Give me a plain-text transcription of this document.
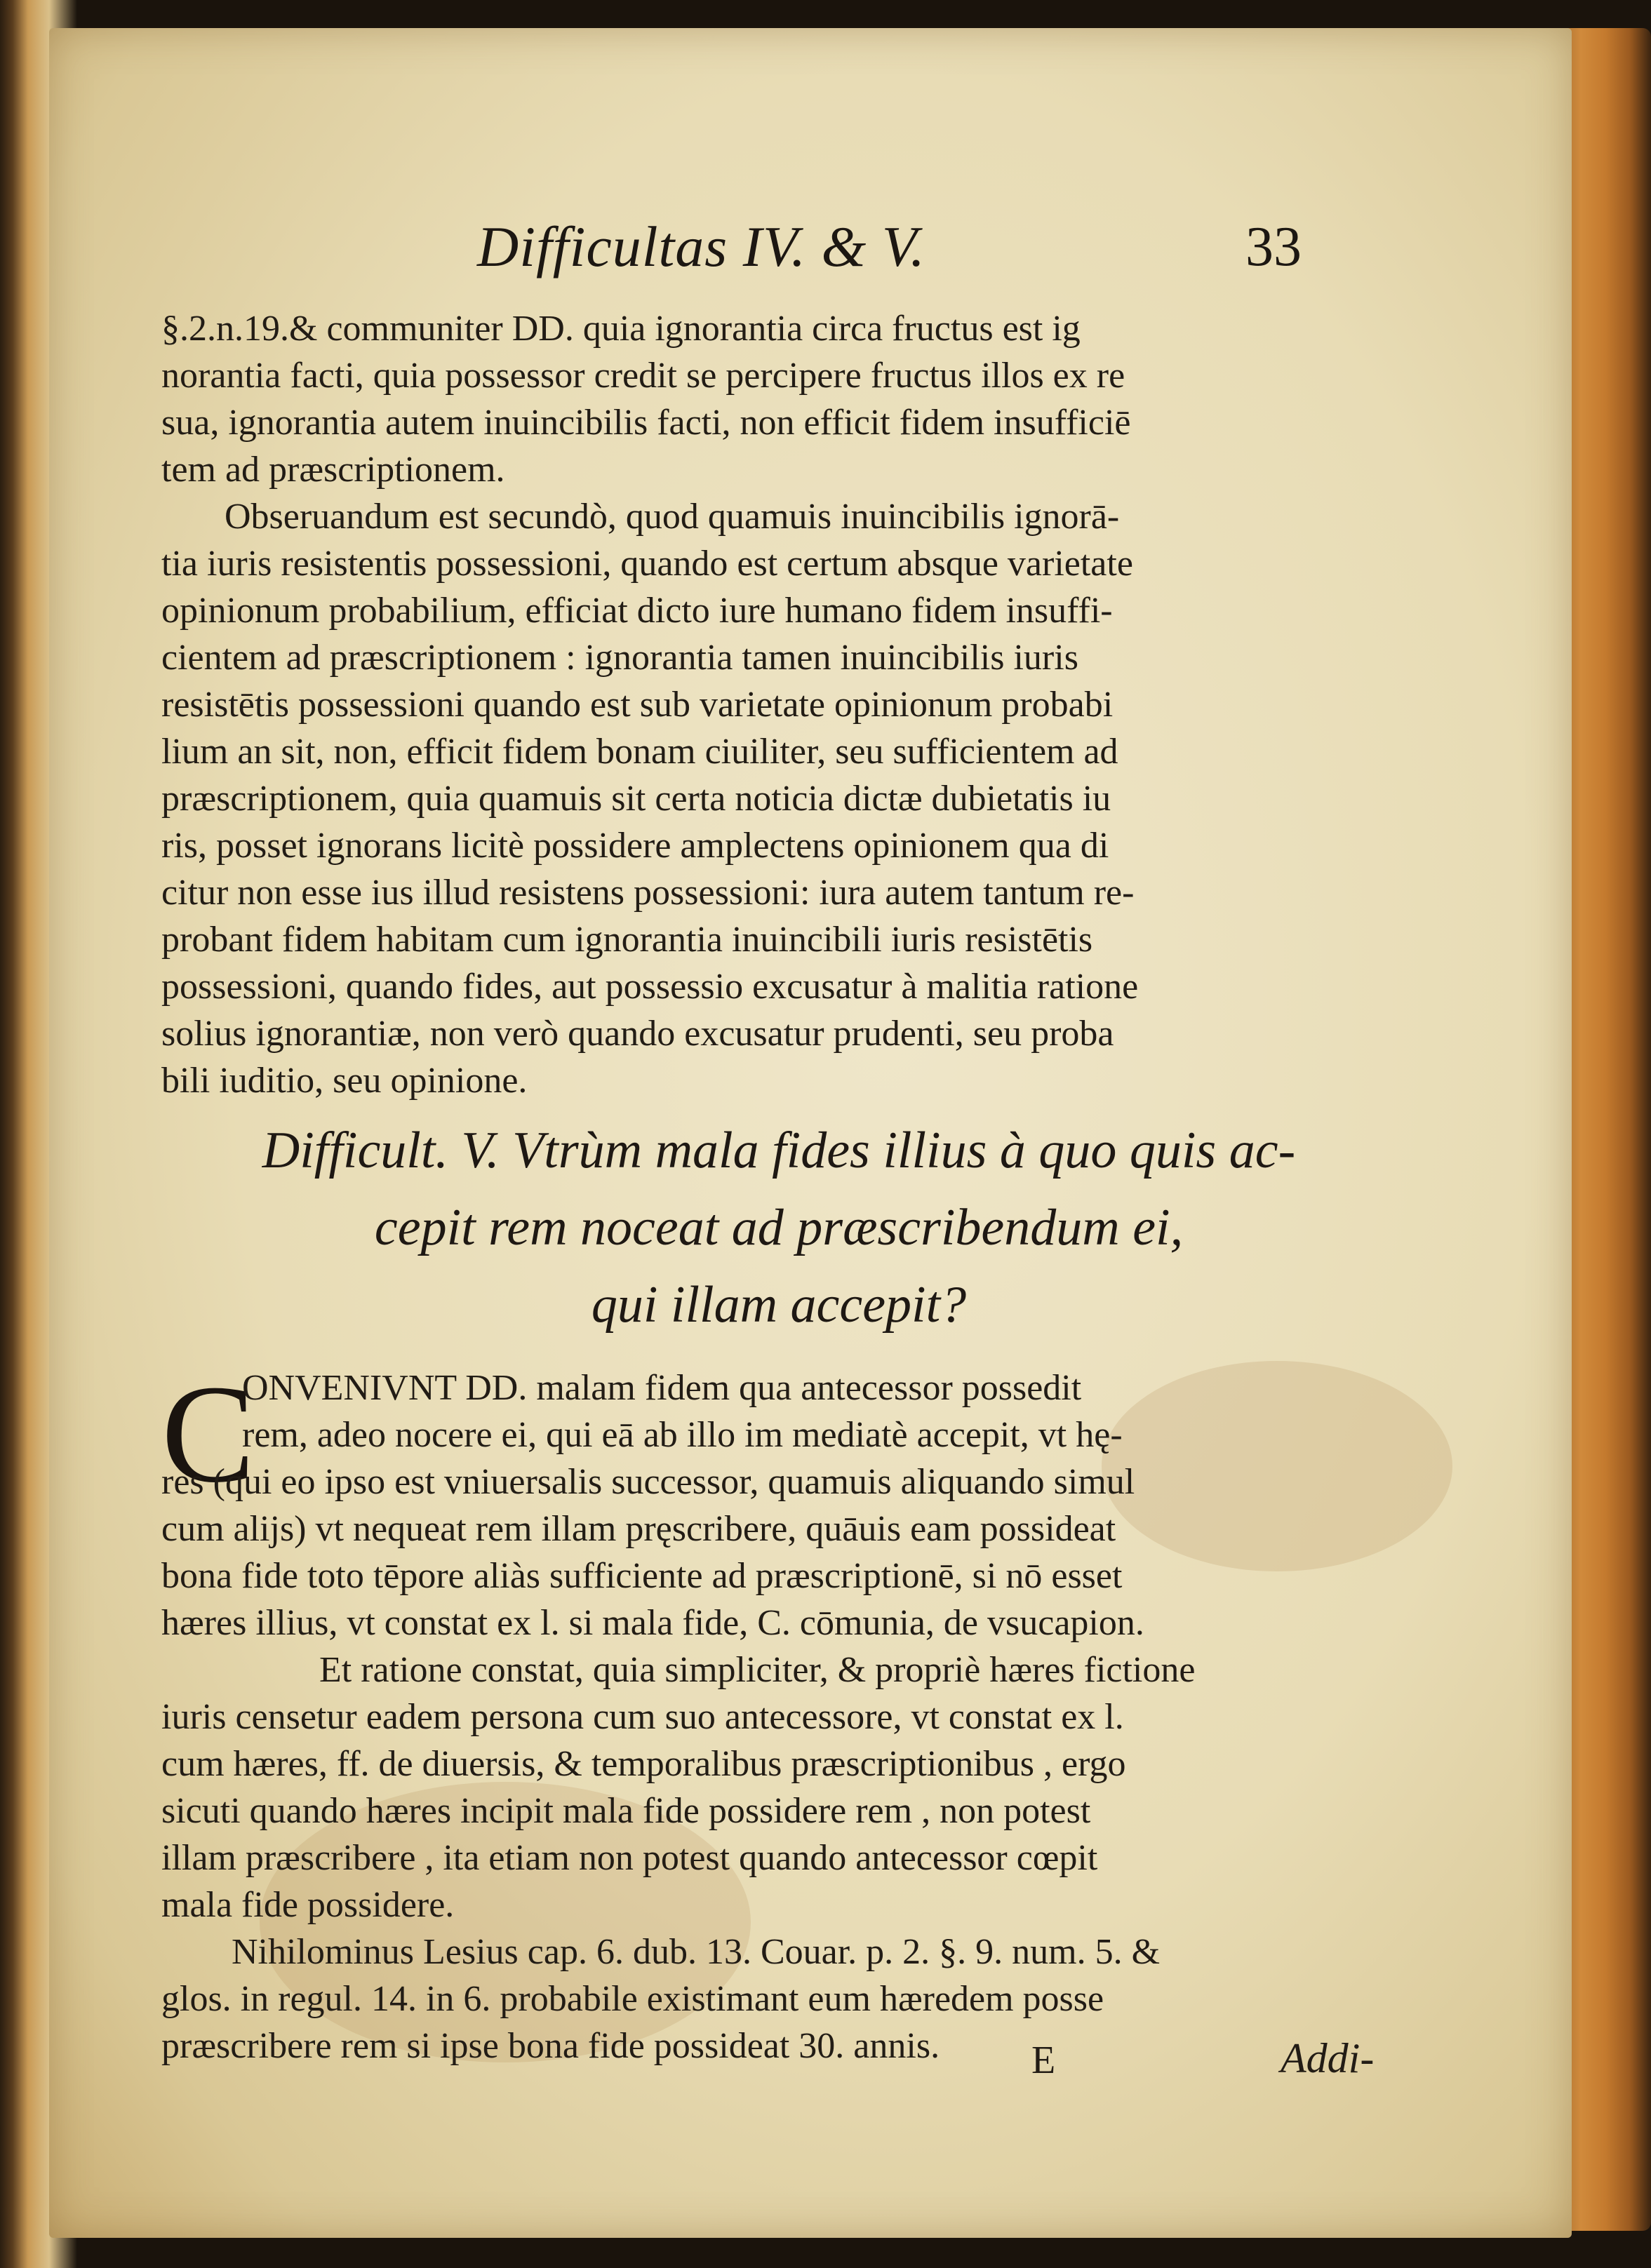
Difficultas IV. & V.	33
§.2.n.19.& communiter DD. quia ignorantia circa fructus est ig
norantia facti, quia possessor credit se percipere fructus illos ex re
sua, ignorantia autem inuincibilis facti, non efficit fidem insufficiē
tem ad præscriptionem.
Obseruandum est secundò, quod quamuis inuincibilis ignorā-
tia iuris resistentis possessioni, quando est certum absque varietate
opinionum probabilium, efficiat dicto iure humano fidem insuffi-
cientem ad præscriptionem : ignorantia tamen inuincibilis iuris
resistētis possessioni quando est sub varietate opinionum probabi
lium an sit, non, efficit fidem bonam ciuiliter, seu sufficientem ad
præscriptionem, quia quamuis sit certa noticia dictæ dubietatis iu
ris, posset ignorans licitè possidere amplectens opinionem qua di
citur non esse ius illud resistens possessioni: iura autem tantum re-
probant fidem habitam cum ignorantia inuincibili iuris resistētis
possessioni, quando fides, aut possessio excusatur à malitia ratione
solius ignorantiæ, non verò quando excusatur prudenti, seu proba
bili iuditio, seu opinione.
Difficult. V. Vtrùm mala fides illius à quo quis ac-
cepit rem noceat ad præscribendum ei,
qui illam accepit?
C
ONVENIVNT DD. malam fidem qua antecessor possedit
rem, adeo nocere ei, qui eā ab illo im mediatè accepit, vt hę-
res (qui eo ipso est vniuersalis successor, quamuis aliquando simul
cum alijs) vt nequeat rem illam pręscribere, quāuis eam possideat
bona fide toto tēpore aliàs sufficiente ad præscriptionē, si nō esset
hæres illius, vt constat ex l. si mala fide, C. cōmunia, de vsucapion.
Et ratione constat, quia simpliciter, & propriè hæres fictione
iuris censetur eadem persona cum suo antecessore, vt constat ex l.
cum hæres, ff. de diuersis, & temporalibus præscriptionibus , ergo
sicuti quando hæres incipit mala fide possidere rem , non potest
illam præscribere , ita etiam non potest quando antecessor cœpit
mala fide possidere.
Nihilominus Lesius cap. 6. dub. 13. Couar. p. 2. §. 9. num. 5. &
glos. in regul. 14. in 6. probabile existimant eum hæredem posse
præscribere rem si ipse bona fide possideat 30. annis.	E	Addi-
